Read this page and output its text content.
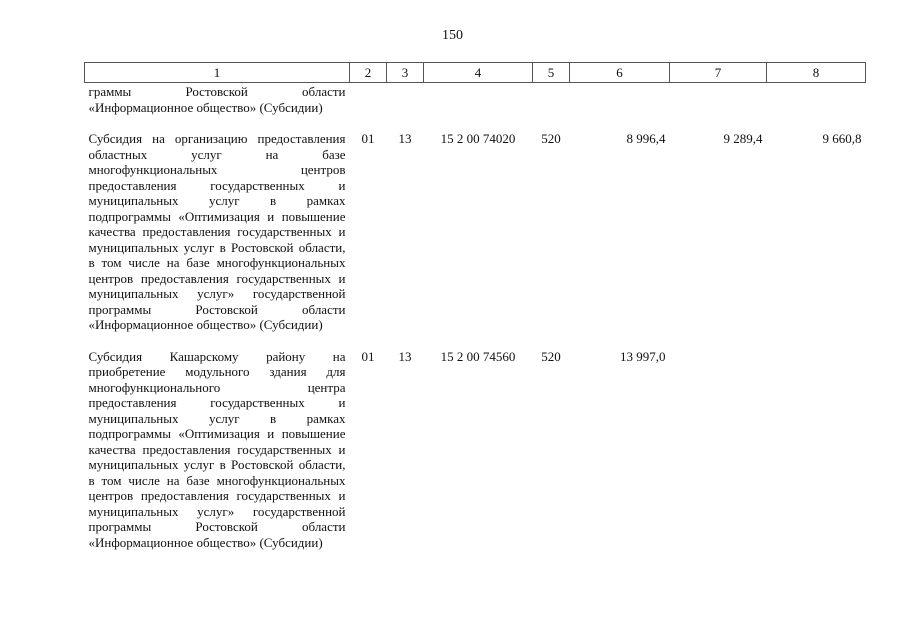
150
1	2	3	4	5	6	7	8
граммы Ростовской области «Информационное общество» (Субсидии)							
Субсидия на организацию предоставления областных услуг на базе многофункциональных центров предоставления государственных и муниципальных услуг в рамках подпрограммы «Оптимизация и повышение качества предоставления государственных и муниципальных услуг в Ростовской области, в том числе на базе многофункциональных центров предоставления государственных и муниципальных услуг» государственной программы Ростовской области «Информационное общество» (Субсидии)	01	13	15 2 00 74020	520	8 996,4	9 289,4	9 660,8
Субсидия Кашарскому району на приобретение модульного здания для многофункционального центра предоставления государственных и муниципальных услуг в рамках подпрограммы «Оптимизация и повышение качества предоставления государственных и муниципальных услуг в Ростовской области, в том числе на базе многофункциональных центров предоставления государственных и муниципальных услуг» государственной программы Ростовской области «Информационное общество» (Субсидии)	01	13	15 2 00 74560	520	13 997,0		
